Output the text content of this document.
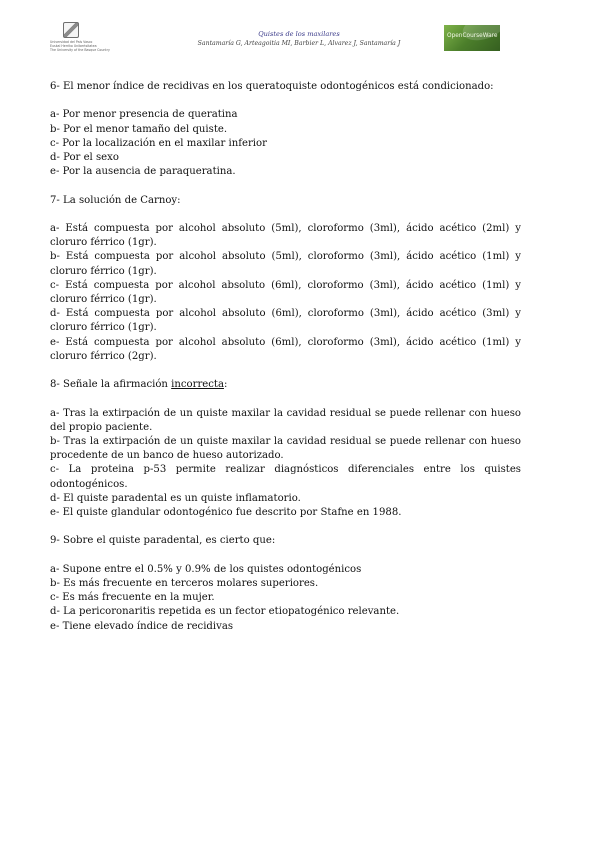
Universidad del País Vasco
Euskal Herriko Unibertsitatea
The University of the Basque Country
Quistes de los maxilares
Santamaría G, Arteagoitia MI, Barbier L, Alvarez J, Santamaría J
OpenCourseWare

6- El menor índice de recidivas en los queratoquiste odontogénicos está condicionado:

a- Por menor presencia de queratina

b- Por el menor tamaño del quiste.

c- Por la localización en el maxilar inferior

d- Por el sexo

e- Por la ausencia de paraqueratina.

7- La solución de Carnoy:

a- Está compuesta por alcohol absoluto (5ml), cloroformo (3ml), ácido acético (2ml) y cloruro férrico (1gr).

b- Está compuesta por alcohol absoluto (5ml), cloroformo (3ml), ácido acético (1ml) y cloruro férrico (1gr).

c- Está compuesta por alcohol absoluto (6ml), cloroformo (3ml), ácido acético (1ml) y cloruro férrico (1gr).

d- Está compuesta por alcohol absoluto (6ml), cloroformo (3ml), ácido acético (3ml) y cloruro férrico (1gr).

e- Está compuesta por alcohol absoluto (6ml), cloroformo (3ml), ácido acético (1ml) y cloruro férrico (2gr).

8- Señale la afirmación incorrecta:

a- Tras la extirpación de un quiste maxilar la cavidad residual se puede rellenar con hueso del propio paciente.

b- Tras la extirpación de un quiste maxilar la cavidad residual se puede rellenar con hueso procedente de un banco de hueso autorizado.

c- La proteina p-53 permite realizar diagnósticos diferenciales entre los quistes odontogénicos.

d- El quiste paradental es un quiste inflamatorio.

e- El quiste glandular odontogénico fue descrito por Stafne en 1988.

9- Sobre el quiste paradental, es cierto que:

a- Supone entre el 0.5% y 0.9% de los quistes odontogénicos

b- Es más frecuente en terceros molares superiores.

c- Es más frecuente en la mujer.

d- La pericoronaritis repetida es un fector etiopatogénico relevante.

e- Tiene elevado índice de recidivas
